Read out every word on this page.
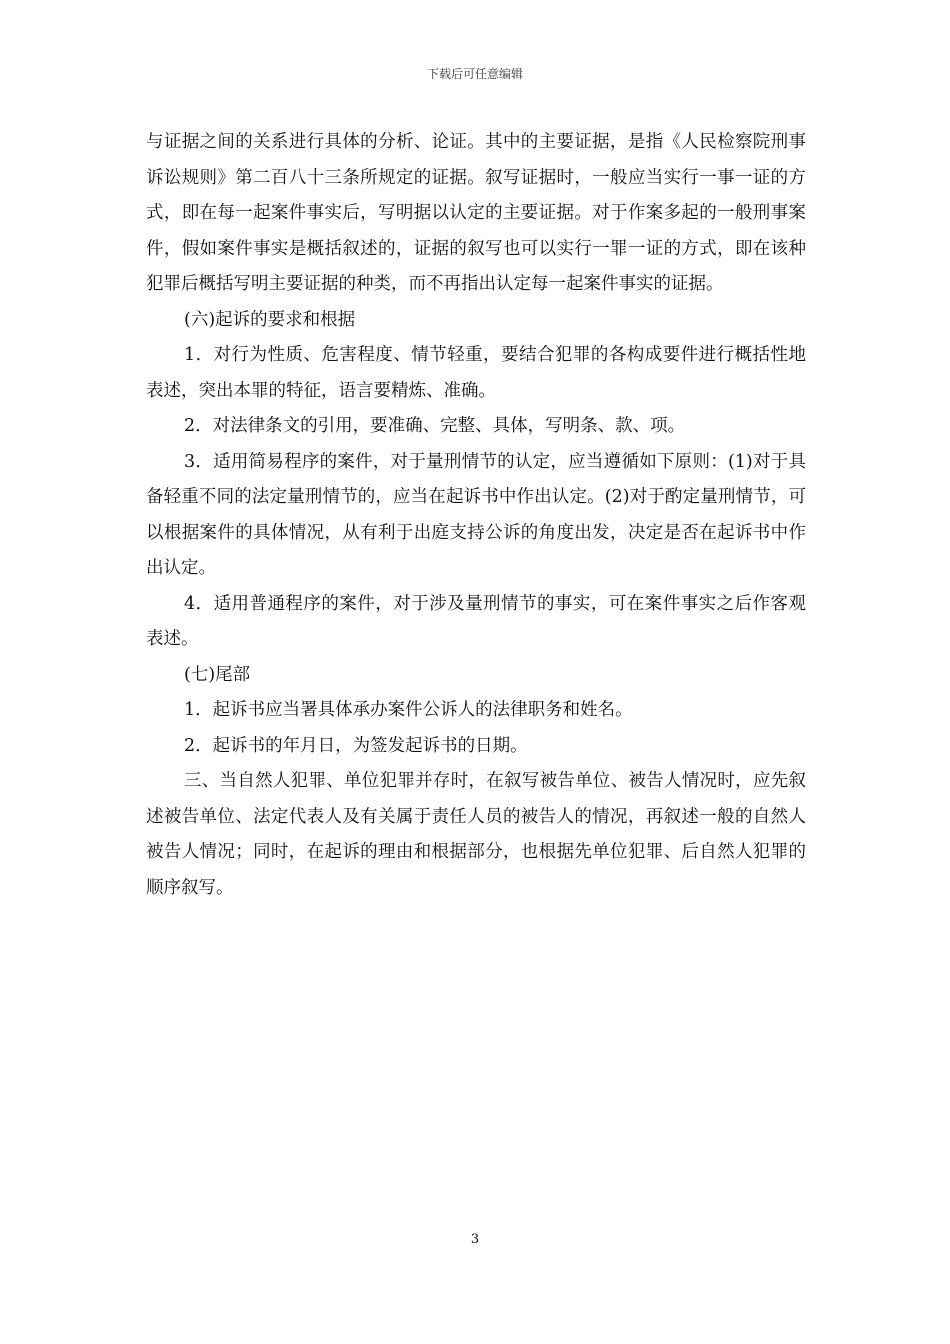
下载后可任意编辑

与证据之间的关系进行具体的分析、论证。其中的主要证据，是指《人民检察院刑事诉讼规则》第二百八十三条所规定的证据。叙写证据时，一般应当实行一事一证的方式，即在每一起案件事实后，写明据以认定的主要证据。对于作案多起的一般刑事案件，假如案件事实是概括叙述的，证据的叙写也可以实行一罪一证的方式，即在该种犯罪后概括写明主要证据的种类，而不再指出认定每一起案件事实的证据。

(六)起诉的要求和根据

1．对行为性质、危害程度、情节轻重，要结合犯罪的各构成要件进行概括性地表述，突出本罪的特征，语言要精炼、准确。

2．对法律条文的引用，要准确、完整、具体，写明条、款、项。

3．适用简易程序的案件，对于量刑情节的认定，应当遵循如下原则：(1)对于具备轻重不同的法定量刑情节的，应当在起诉书中作出认定。(2)对于酌定量刑情节，可以根据案件的具体情况，从有利于出庭支持公诉的角度出发，决定是否在起诉书中作出认定。

4．适用普通程序的案件，对于涉及量刑情节的事实，可在案件事实之后作客观表述。

(七)尾部

1．起诉书应当署具体承办案件公诉人的法律职务和姓名。

2．起诉书的年月日，为签发起诉书的日期。

三、当自然人犯罪、单位犯罪并存时，在叙写被告单位、被告人情况时，应先叙述被告单位、法定代表人及有关属于责任人员的被告人的情况，再叙述一般的自然人被告人情况；同时，在起诉的理由和根据部分，也根据先单位犯罪、后自然人犯罪的顺序叙写。

3
